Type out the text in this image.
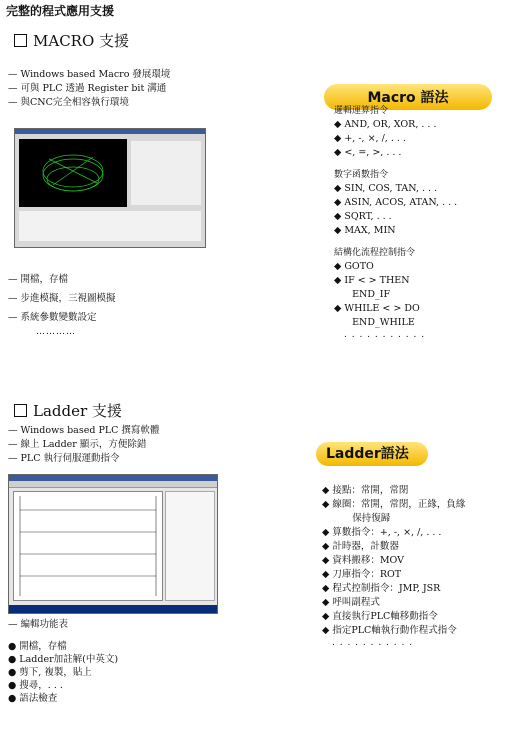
完整的程式應用支援
MACRO 支援
— Windows based Macro 發展環境
— 可與 PLC 透過 Register bit 溝通
— 與CNC完全相容執行環境
— 開檔，存檔
— 步進模擬，三視圖模擬
— 系統參數變數設定
…………
Macro 語法
邏輯運算指令
◆ AND, OR, XOR, . . .
◆ +, -, ×, /, . . .
◆ <, =, >, . . .
數字函數指令
◆ SIN, COS, TAN, . . .
◆ ASIN, ACOS, ATAN, . . .
◆ SQRT, . . .
◆ MAX, MIN
結構化流程控制指令
◆ GOTO
◆ IF < > THEN
END_IF
◆ WHILE < > DO
END_WHILE
. . . . . . . . . . .
Ladder 支援
— Windows based PLC 撰寫軟體
— 線上 Ladder 顯示，方便除錯
— PLC 執行伺服運動指令
— 編輯功能表
● 開檔，存檔
● Ladder加註解(中英文)
● 剪下, 複製，貼上
● 搜尋，. . .
● 語法檢查
Ladder語法
◆ 接點：常開，常閉
◆ 線圈：常開，常閉，正緣，負緣
保持復歸
◆ 算數指令：+, -, ×, /, . . .
◆ 計時器，計數器
◆ 資料搬移：MOV
◆ 刀庫指令：ROT
◆ 程式控制指令：JMP, JSR
◆ 呼叫副程式
◆ 直接執行PLC軸移動指令
◆ 指定PLC軸執行動作程式指令
. . . . . . . . . . .
